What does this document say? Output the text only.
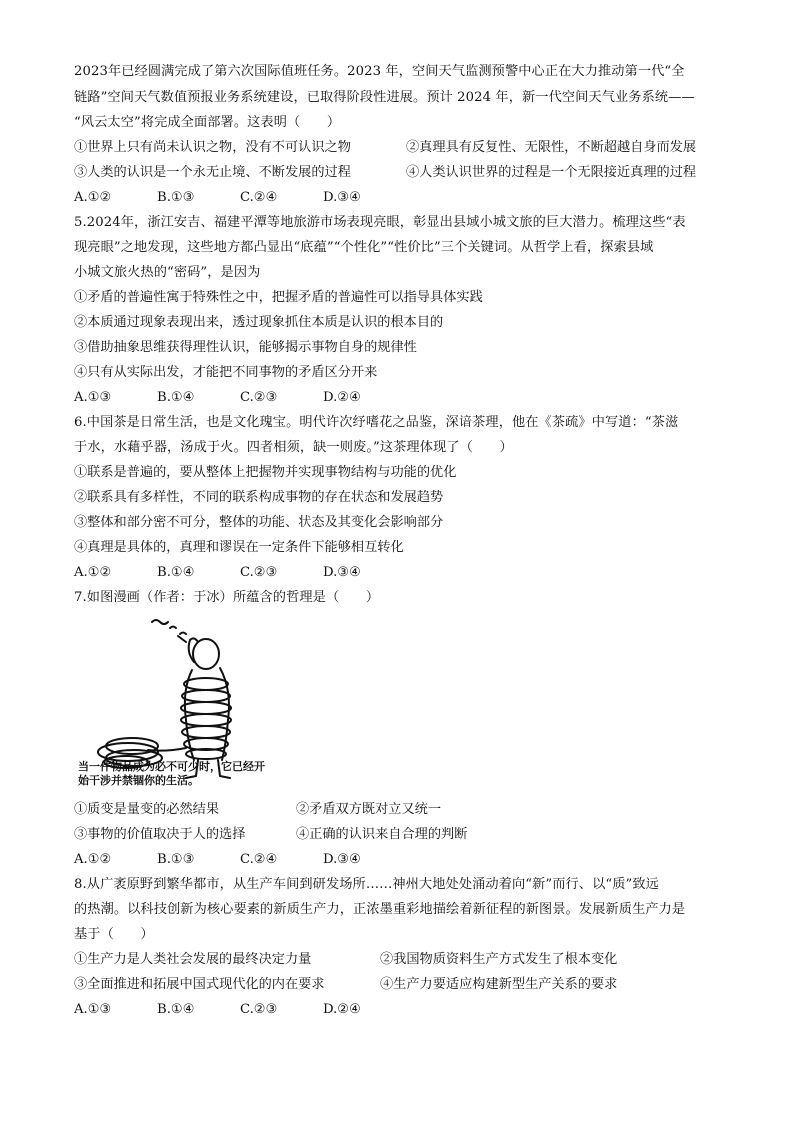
2023年已经圆满完成了第六次国际值班任务。2023 年，空间天气监测预警中心正在大力推动第一代“全
链路”空间天气数值预报业务系统建设，已取得阶段性进展。预计 2024 年，新一代空间天气业务系统——
“风云太空”将完成全面部署。这表明（　　）
①世界上只有尚未认识之物，没有不可认识之物	②真理具有反复性、无限性，不断超越自身而发展
③人类的认识是一个永无止境、不断发展的过程	④人类认识世界的过程是一个无限接近真理的过程
A.①②	B.①③	C.②④	D.③④
5.2024年，浙江安吉、福建平潭等地旅游市场表现亮眼，彰显出县域小城文旅的巨大潜力。梳理这些“表
现亮眼”之地发现，这些地方都凸显出“底蕴”“个性化”“性价比”三个关键词。从哲学上看，探索县域
小城文旅火热的“密码”，是因为
①矛盾的普遍性寓于特殊性之中，把握矛盾的普遍性可以指导具体实践
②本质通过现象表现出来，透过现象抓住本质是认识的根本目的
③借助抽象思维获得理性认识，能够揭示事物自身的规律性
④只有从实际出发，才能把不同事物的矛盾区分开来
A.①③	B.①④	C.②③	D.②④
6.中国茶是日常生活，也是文化瑰宝。明代许次纾嗜花之品鉴，深谙茶理，他在《茶疏》中写道：“茶滋
于水，水藉乎器，汤成于火。四者相须，缺一则废。”这茶理体现了（　　）
①联系是普遍的，要从整体上把握物并实现事物结构与功能的优化
②联系具有多样性，不同的联系构成事物的存在状态和发展趋势
③整体和部分密不可分，整体的功能、状态及其变化会影响部分
④真理是具体的，真理和谬误在一定条件下能够相互转化
A.①②	B.①④	C.②③	D.③④
7.如图漫画（作者：于冰）所蕴含的哲理是（　　）
当一件物品成为必不可少时，它已经开始干涉并禁锢你的生活。
①质变是量变的必然结果	②矛盾双方既对立又统一
③事物的价值取决于人的选择	④正确的认识来自合理的判断
A.①②	B.①③	C.②④	D.③④
8.从广袤原野到繁华都市，从生产车间到研发场所……神州大地处处涌动着向“新”而行、以“质”致远
的热潮。以科技创新为核心要素的新质生产力，正浓墨重彩地描绘着新征程的新图景。发展新质生产力是
基于（　　）
①生产力是人类社会发展的最终决定力量	②我国物质资料生产方式发生了根本变化
③全面推进和拓展中国式现代化的内在要求	④生产力要适应构建新型生产关系的要求
A.①③	B.①④	C.②③	D.②④
